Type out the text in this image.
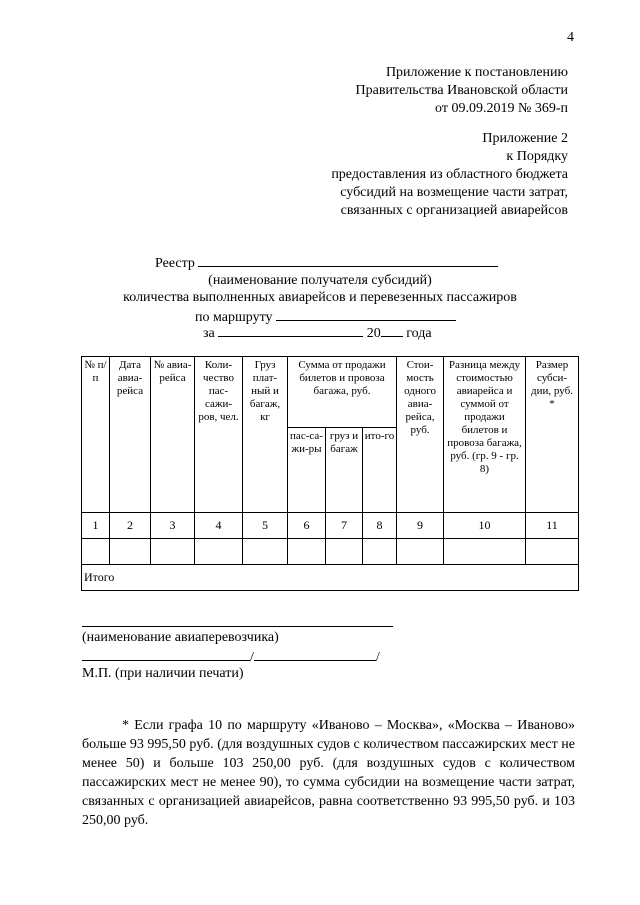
4
Приложение к постановлению
Правительства Ивановской области
от 09.09.2019 № 369-п
Приложение 2
к Порядку
предоставления из областного бюджета
субсидий на возмещение части затрат,
связанных с организацией авиарейсов
Реестр
(наименование получателя субсидий)
количества выполненных авиарейсов и перевезенных пассажиров
по маршруту
за	20 года
№ п/п	Дата авиа-рейса	№ авиа-рейса	Коли-чество пас-сажи-ров, чел.	Груз плат-ный и багаж, кг	Сумма от продажи билетов и провоза багажа, руб.			Стои-мость одного авиа-рейса, руб.	Разница между стоимостью авиарейса и суммой от продажи билетов и провоза багажа, руб. (гр. 9 - гр. 8)	Размер субси-дии, руб. *
					пас-са-жи-ры	груз и багаж	ито-го			
1	2	3	4	5	6	7	8	9	10	11

Итого										
(наименование авиаперевозчика)
/	/
М.П. (при наличии печати)
* Если графа 10 по маршруту «Иваново – Москва», «Москва – Иваново» больше 93 995,50 руб. (для воздушных судов с количеством пассажирских мест не менее 50) и больше 103 250,00 руб. (для воздушных судов с количеством пассажирских мест не менее 90), то сумма субсидии на возмещение части затрат, связанных с организацией авиарейсов, равна соответственно 93 995,50 руб. и 103 250,00 руб.
